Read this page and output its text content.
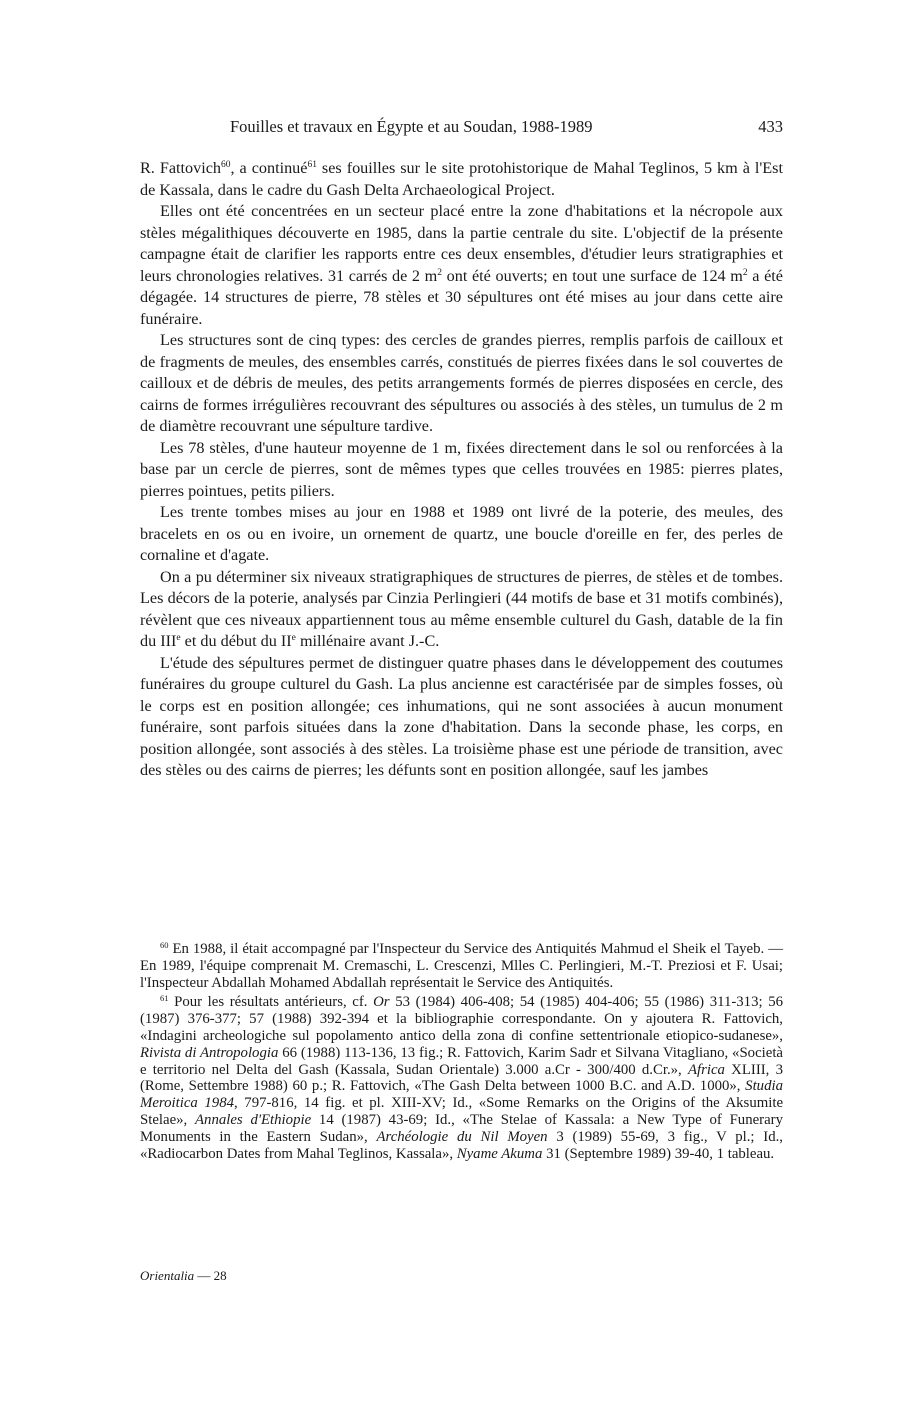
Fouilles et travaux en Égypte et au Soudan, 1988-1989	433

R. Fattovich$^{60}$, a continué$^{61}$ ses fouilles sur le site protohistorique de Mahal Teglinos, 5 km à l'Est de Kassala, dans le cadre du Gash Delta Archaeological Project.

Elles ont été concentrées en un secteur placé entre la zone d'habitations et la nécropole aux stèles mégalithiques découverte en 1985, dans la partie centrale du site. L'objectif de la présente campagne était de clarifier les rapports entre ces deux ensembles, d'étudier leurs stratigraphies et leurs chronologies relatives. 31 carrés de 2 $m^2$ ont été ouverts; en tout une surface de 124 $m^2$ a été dégagée. 14 structures de pierre, 78 stèles et 30 sépultures ont été mises au jour dans cette aire funéraire.

Les structures sont de cinq types: des cercles de grandes pierres, remplis parfois de cailloux et de fragments de meules, des ensembles carrés, constitués de pierres fixées dans le sol couvertes de cailloux et de débris de meules, des petits arrangements formés de pierres disposées en cercle, des cairns de formes irrégulières recouvrant des sépultures ou associés à des stèles, un tumulus de 2 m de diamètre recouvrant une sépulture tardive.

Les 78 stèles, d'une hauteur moyenne de 1 m, fixées directement dans le sol ou renforcées à la base par un cercle de pierres, sont de mêmes types que celles trouvées en 1985: pierres plates, pierres pointues, petits piliers.

Les trente tombes mises au jour en 1988 et 1989 ont livré de la poterie, des meules, des bracelets en os ou en ivoire, un ornement de quartz, une boucle d'oreille en fer, des perles de cornaline et d'agate.

On a pu déterminer six niveaux stratigraphiques de structures de pierres, de stèles et de tombes. Les décors de la poterie, analysés par Cinzia Perlingieri (44 motifs de base et 31 motifs combinés), révèlent que ces niveaux appartiennent tous au même ensemble culturel du Gash, datable de la fin du IIIe et du début du IIe millénaire avant J.-C.

L'étude des sépultures permet de distinguer quatre phases dans le développement des coutumes funéraires du groupe culturel du Gash. La plus ancienne est caractérisée par de simples fosses, où le corps est en position allongée; ces inhumations, qui ne sont associées à aucun monument funéraire, sont parfois situées dans la zone d'habitation. Dans la seconde phase, les corps, en position allongée, sont associés à des stèles. La troisième phase est une période de transition, avec des stèles ou des cairns de pierres; les défunts sont en position allongée, sauf les jambes

$^{60}$ En 1988, il était accompagné par l'Inspecteur du Service des Antiquités Mahmud el Sheik el Tayeb. — En 1989, l'équipe comprenait M. Cremaschi, L. Crescenzi, Mlles C. Perlingieri, M.-T. Preziosi et F. Usai; l'Inspecteur Abdallah Mohamed Abdallah représentait le Service des Antiquités.

$^{61}$ Pour les résultats antérieurs, cf. Or 53 (1984) 406-408; 54 (1985) 404-406; 55 (1986) 311-313; 56 (1987) 376-377; 57 (1988) 392-394 et la bibliographie correspondante. On y ajoutera R. Fattovich, «Indagini archeologiche sul popolamento antico della zona di confine settentrionale etiopico-sudanese», Rivista di Antropologia 66 (1988) 113-136, 13 fig.; R. Fattovich, Karim Sadr et Silvana Vitagliano, «Società e territorio nel Delta del Gash (Kassala, Sudan Orientale) 3.000 a.Cr - 300/400 d.Cr.», Africa XLIII, 3 (Rome, Settembre 1988) 60 p.; R. Fattovich, «The Gash Delta between 1000 B.C. and A.D. 1000», Studia Meroitica 1984, 797-816, 14 fig. et pl. XIII-XV; Id., «Some Remarks on the Origins of the Aksumite Stelae», Annales d'Ethiopie 14 (1987) 43-69; Id., «The Stelae of Kassala: a New Type of Funerary Monuments in the Eastern Sudan», Archéologie du Nil Moyen 3 (1989) 55-69, 3 fig., V pl.; Id., «Radiocarbon Dates from Mahal Teglinos, Kassala», Nyame Akuma 31 (Septembre 1989) 39-40, 1 tableau.

Orientalia — 28
